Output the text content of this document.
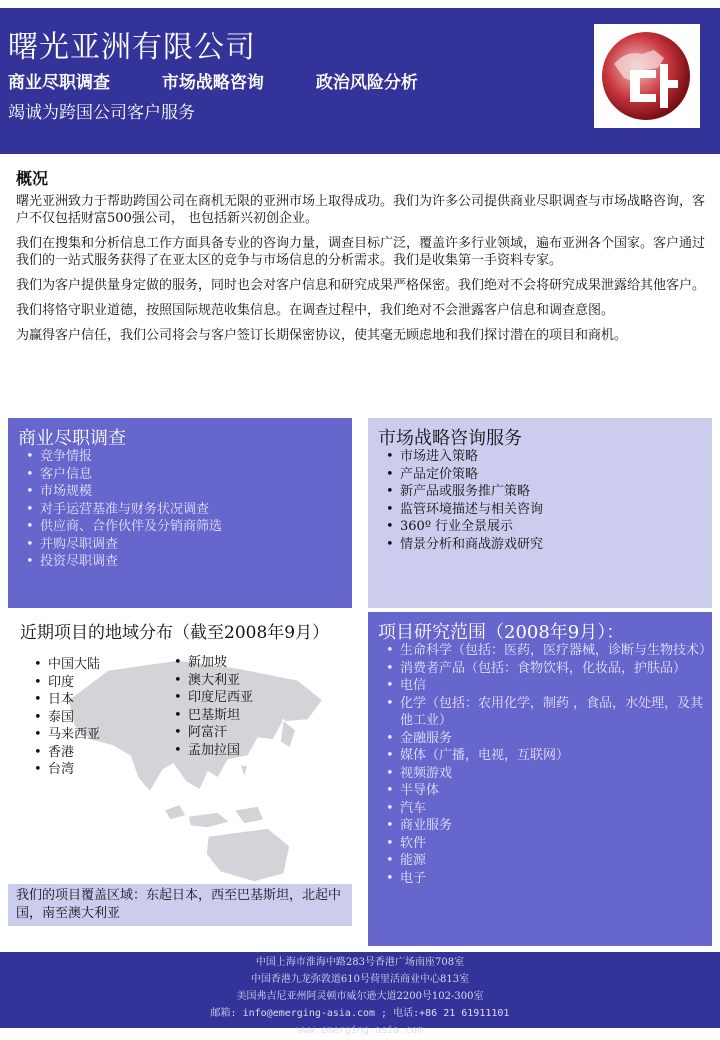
曙光亚洲有限公司
商业尽职调查	市场战略咨询	政治风险分析
竭诚为跨国公司客户服务
概况

曙光亚洲致力于帮助跨国公司在商机无限的亚洲市场上取得成功。我们为许多公司提供商业尽职调查与市场战略咨询，客户不仅包括财富500强公司， 也包括新兴初创企业。

我们在搜集和分析信息工作方面具备专业的咨询力量，调查目标广泛，覆盖许多行业领域，遍布亚洲各个国家。客户通过我们的一站式服务获得了在亚太区的竞争与市场信息的分析需求。我们是收集第一手资料专家。

我们为客户提供量身定做的服务，同时也会对客户信息和研究成果严格保密。我们绝对不会将研究成果泄露给其他客户。

我们将恪守职业道德，按照国际规范收集信息。在调查过程中，我们绝对不会泄露客户信息和调查意图。

为赢得客户信任，我们公司将会与客户签订长期保密协议，使其毫无顾虑地和我们探讨潜在的项目和商机。

商业尽职调查
• 竞争情报
• 客户信息
• 市场规模
• 对手运营基准与财务状况调查
• 供应商、合作伙伴及分销商筛选
• 并购尽职调查
• 投资尽职调查
市场战略咨询服务
• 市场进入策略
• 产品定价策略
• 新产品或服务推广策略
• 监管环境描述与相关咨询
• 360º 行业全景展示
• 情景分析和商战游戏研究
近期项目的地域分布（截至2008年9月）
• 中国大陆
• 印度
• 日本
• 泰国
• 马来西亚
• 香港
• 台湾
• 新加坡
• 澳大利亚
• 印度尼西亚
• 巴基斯坦
• 阿富汗
• 孟加拉国
我们的项目覆盖区域：东起日本，西至巴基斯坦，北起中国，南至澳大利亚
项目研究范围（2008年9月）：
• 生命科学（包括：医药，医疗器械，诊断与生物技术）
• 消费者产品（包括：食物饮料，化妆品，护肤品）
• 电信
• 化学（包括：农用化学，制药 ，食品，水处理，及其他工业）
• 金融服务
• 媒体（广播，电视，互联网）
• 视频游戏
• 半导体
• 汽车
• 商业服务
• 软件
• 能源
• 电子
中国上海市淮海中路283号香港广场南座708室
中国香港九龙弥敦道610号荷里活商业中心813室
美国弗吉尼亚州阿灵顿市威尔逊大道2200号102-300室
邮箱: info@emerging-asia.com ; 电话:+86 21 61911101
www.emerging-asia.com
